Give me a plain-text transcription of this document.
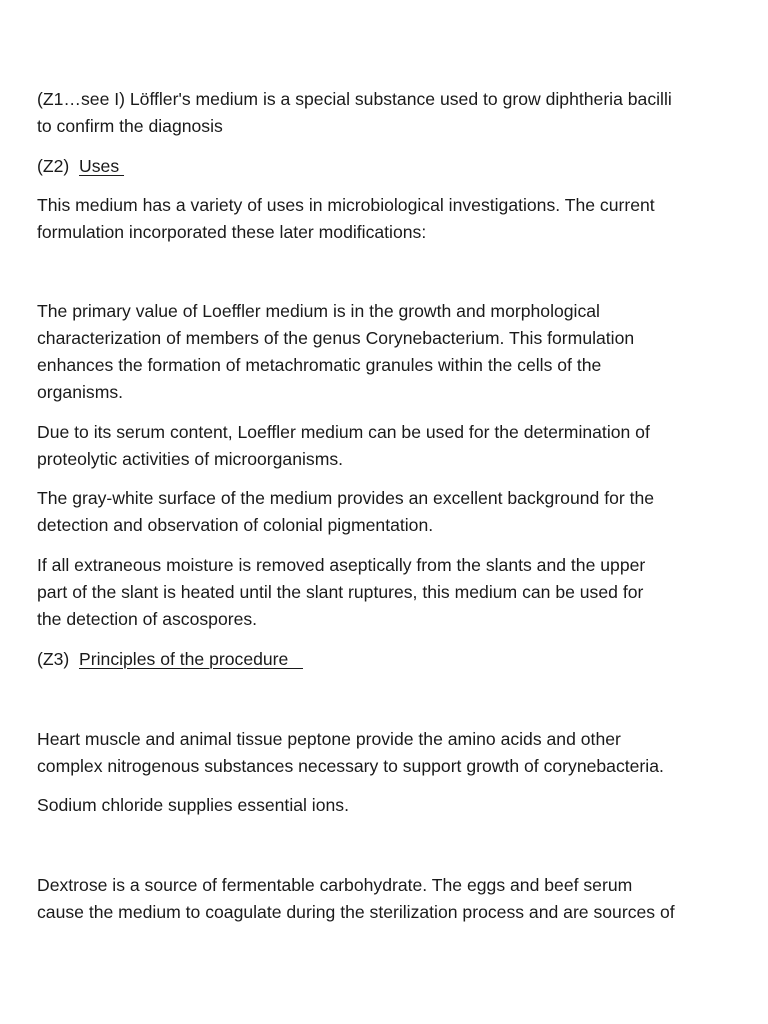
(Z1…see I) Löffler's medium is a special substance used to grow diphtheria bacilli
to confirm the diagnosis
(Z2) Uses
This medium has a variety of uses in microbiological investigations. The current
formulation incorporated these later modifications:
The primary value of Loeffler medium is in the growth and morphological
characterization of members of the genus Corynebacterium. This formulation
enhances the formation of metachromatic granules within the cells of the
organisms.
Due to its serum content, Loeffler medium can be used for the determination of
proteolytic activities of microorganisms.
The gray-white surface of the medium provides an excellent background for the
detection and observation of colonial pigmentation.
If all extraneous moisture is removed aseptically from the slants and the upper
part of the slant is heated until the slant ruptures, this medium can be used for
the detection of ascospores.
(Z3) Principles of the procedure
Heart muscle and animal tissue peptone provide the amino acids and other
complex nitrogenous substances necessary to support growth of corynebacteria.
Sodium chloride supplies essential ions.
Dextrose is a source of fermentable carbohydrate. The eggs and beef serum
cause the medium to coagulate during the sterilization process and are sources of
